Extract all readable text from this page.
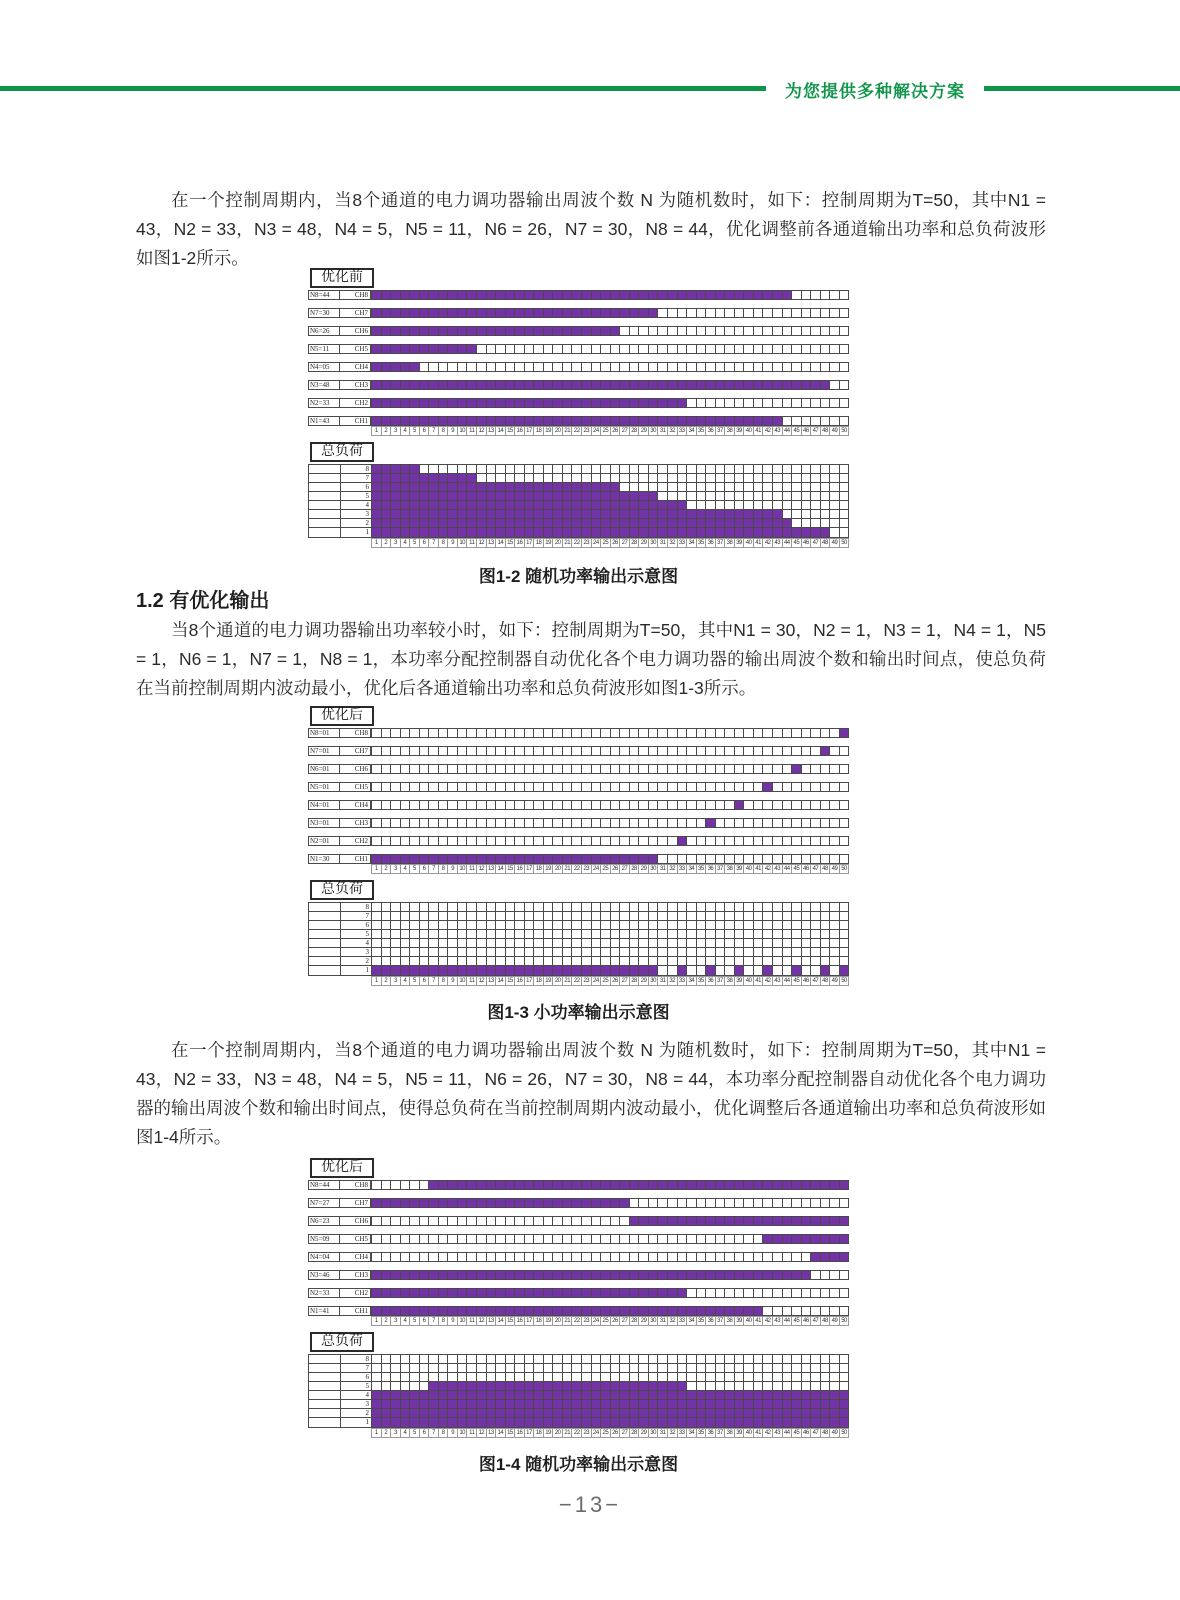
为您提供多种解决方案

在一个控制周期内，当8个通道的电力调功器输出周波个数 N 为随机数时，如下：控制周期为T=50，其中N1 = 43，N2 = 33，N3 = 48，N4 = 5，N5 = 11，N6 = 26，N7 = 30，N8 = 44，优化调整前各通道输出功率和总负荷波形如图1-2所示。

优化前
N8=44	CH8
N7=30	CH7
N6=26	CH6
N5=11	CH5
N4=05	CH4
N3=48	CH3
N2=33	CH2
N1=43	CH1
1	2	3	4	5	6	7	8	9 10 11 12 13 14 15 16 17 18 19 20 21 22 23 24 25 26 27 28 29 30 31 32 33 34 35 36 37 38 39 40 41 42 43 44 45 46 47 48 49 50
总负荷
8
7
6
5
4
3
2
1
1	2	3	4	5	6	7	8	9 10 11 12 13 14 15 16 17 18 19 20 21 22 23 24 25 26 27 28 29 30 31 32 33 34 35 36 37 38 39 40 41 42 43 44 45 46 47 48 49 50
图1-2 随机功率输出示意图
1.2 有优化输出

当8个通道的电力调功器输出功率较小时，如下：控制周期为T=50，其中N1 = 30，N2 = 1，N3 = 1，N4 = 1，N5 = 1，N6 = 1，N7 = 1，N8 = 1，本功率分配控制器自动优化各个电力调功器的输出周波个数和输出时间点，使总负荷在当前控制周期内波动最小，优化后各通道输出功率和总负荷波形如图1-3所示。

优化后
N8=01	CH8
N7=01	CH7
N6=01	CH6
N5=01	CH5
N4=01	CH4
N3=01	CH3
N2=01	CH2
N1=30	CH1
1	2	3	4	5	6	7	8	9 10 11 12 13 14 15 16 17 18 19 20 21 22 23 24 25 26 27 28 29 30 31 32 33 34 35 36 37 38 39 40 41 42 43 44 45 46 47 48 49 50
总负荷
8
7
6
5
4
3
2
1
1	2	3	4	5	6	7	8	9 10 11 12 13 14 15 16 17 18 19 20 21 22 23 24 25 26 27 28 29 30 31 32 33 34 35 36 37 38 39 40 41 42 43 44 45 46 47 48 49 50
图1-3 小功率输出示意图

在一个控制周期内，当8个通道的电力调功器输出周波个数 N 为随机数时，如下：控制周期为T=50，其中N1 = 43，N2 = 33，N3 = 48，N4 = 5，N5 = 11，N6 = 26，N7 = 30，N8 = 44，本功率分配控制器自动优化各个电力调功器的输出周波个数和输出时间点，使得总负荷在当前控制周期内波动最小，优化调整后各通道输出功率和总负荷波形如图1-4所示。

优化后
N8=44	CH8
N7=27	CH7
N6=23	CH6
N5=09	CH5
N4=04	CH4
N3=46	CH3
N2=33	CH2
N1=41	CH1
1	2	3	4	5	6	7	8	9 10 11 12 13 14 15 16 17 18 19 20 21 22 23 24 25 26 27 28 29 30 31 32 33 34 35 36 37 38 39 40 41 42 43 44 45 46 47 48 49 50
总负荷
8
7
6
5
4
3
2
1
1	2	3	4	5	6	7	8	9 10 11 12 13 14 15 16 17 18 19 20 21 22 23 24 25 26 27 28 29 30 31 32 33 34 35 36 37 38 39 40 41 42 43 44 45 46 47 48 49 50
图1-4 随机功率输出示意图
−13−
